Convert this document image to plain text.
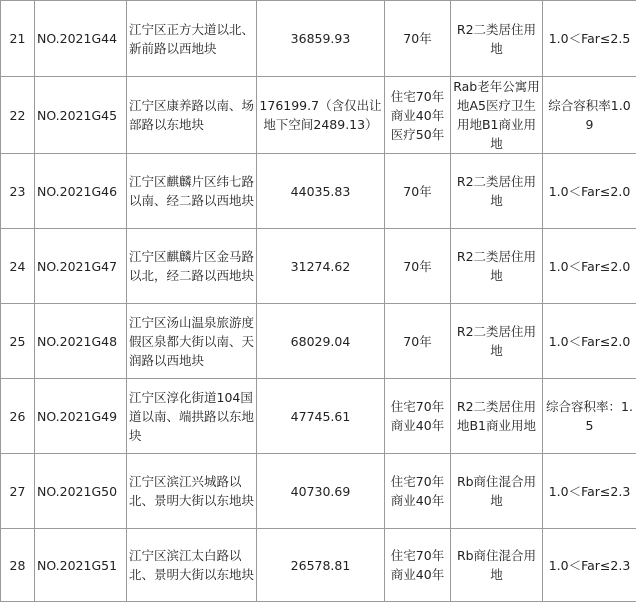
21	NO.2021G44	江宁区正方大道以北、新前路以西地块	36859.93	70年	R2二类居住用地	1.0＜Far≤2.5
22	NO.2021G45	江宁区康养路以南、场部路以东地块	176199.7（含仅出让地下空间2489.13）	住宅70年商业40年医疗50年	Rab老年公寓用地A5医疗卫生用地B1商业用地	综合容积率1.09
23	NO.2021G46	江宁区麒麟片区纬七路以南、经二路以西地块	44035.83	70年	R2二类居住用地	1.0＜Far≤2.0
24	NO.2021G47	江宁区麒麟片区金马路以北，经二路以西地块	31274.62	70年	R2二类居住用地	1.0＜Far≤2.0
25	NO.2021G48	江宁区汤山温泉旅游度假区泉都大街以南、天润路以西地块	68029.04	70年	R2二类居住用地	1.0＜Far≤2.0
26	NO.2021G49	江宁区淳化街道104国道以南、端拱路以东地块	47745.61	住宅70年商业40年	R2二类居住用地B1商业用地	综合容积率：1.5
27	NO.2021G50	江宁区滨江兴城路以北、景明大街以东地块	40730.69	住宅70年商业40年	Rb商住混合用地	1.0＜Far≤2.3
28	NO.2021G51	江宁区滨江太白路以北、景明大街以东地块	26578.81	住宅70年商业40年	Rb商住混合用地	1.0＜Far≤2.3
